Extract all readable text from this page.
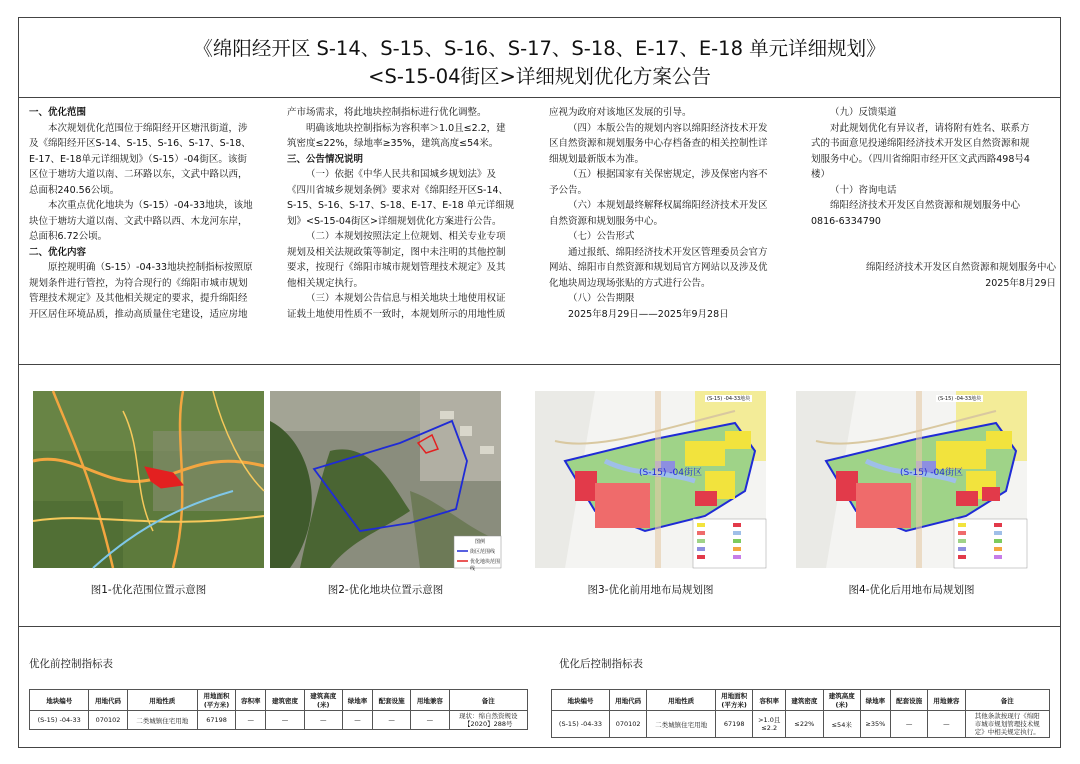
《绵阳经开区 S-14、S-15、S-16、S-17、S-18、E-17、E-18 单元详细规划》
<S-15-04街区>详细规划优化方案公告

一、优化范围

本次规划优化范围位于绵阳经开区塘汛街道，涉

及《绵阳经开区S-14、S-15、S-16、S-17、S-18、

E-17、E-18单元详细规划》（S-15）-04街区。该街

区位于塘坊大道以南、二环路以东，文武中路以西，

总面积240.56公顷。

本次重点优化地块为（S-15）-04-33地块，该地

块位于塘坊大道以南、文武中路以西、木龙河东岸，

总面积6.72公顷。

二、优化内容

原控规明确（S-15）-04-33地块控制指标按照原

规划条件进行管控，为符合现行的《绵阳市城市规划

管理技术规定》及其他相关规定的要求，提升绵阳经

开区居住环境品质，推动高质量住宅建设，适应房地

产市场需求，将此地块控制指标进行优化调整。

明确该地块控制指标为容积率＞1.0且≤2.2，建

筑密度≤22%，绿地率≥35%，建筑高度≤54米。

三、公告情况说明

（一）依据《中华人民共和国城乡规划法》及

《四川省城乡规划条例》要求对《绵阳经开区S-14、

S-15、S-16、S-17、S-18、E-17、E-18 单元详细规

划》<S-15-04街区>详细规划优化方案进行公告。

（二）本规划按照法定上位规划、相关专业专项

规划及相关法规政策等制定，图中未注明的其他控制

要求，按现行《绵阳市城市规划管理技术规定》及其

他相关规定执行。

（三）本规划公告信息与相关地块土地使用权证

证载土地使用性质不一致时，本规划所示的用地性质

应视为政府对该地区发展的引导。

（四）本版公告的规划内容以绵阳经济技术开发

区自然资源和规划服务中心存档备查的相关控制性详

细规划最新版本为准。

（五）根据国家有关保密规定，涉及保密内容不

予公告。

（六）本规划最终解释权属绵阳经济技术开发区

自然资源和规划服务中心。

（七）公告形式

通过报纸、绵阳经济技术开发区管理委员会官方

网站、绵阳市自然资源和规划局官方网站以及涉及优

化地块周边现场张贴的方式进行公告。

（八）公告期限

2025年8月29日——2025年9月28日

（九）反馈渠道

对此规划优化有异议者，请将附有姓名、联系方

式的书面意见投递绵阳经济技术开发区自然资源和规

划服务中心。（四川省绵阳市经开区文武西路498号4

楼）

（十）咨询电话

绵阳经济技术开发区自然资源和规划服务中心

0816-6334790

绵阳经济技术开发区自然资源和规划服务中心

2025年8月29日

图1-优化范围位置示意图
图例
街区范围线
优化地块范围线
图2-优化地块位置示意图
(S-15) -04-33地块
(S-15) -04街区
图3-优化前用地布局规划图
(S-15) -04-33地块
(S-15) -04街区
图4-优化后用地布局规划图
优化前控制指标表
地块编号	用地代码	用地性质	用地面积
(平方米)	容积率	建筑密度	建筑高度
(米)	绿地率	配套设施	用地兼容	备注
(S-15) -04-33	070102	二类城镇住宅用地	67198	—	—	—	—	—	—	现状：绵自然资规设
【2020】288号
优化后控制指标表
地块编号	用地代码	用地性质	用地面积
(平方米)	容积率	建筑密度	建筑高度
(米)	绿地率	配套设施	用地兼容	备注
(S-15) -04-33	070102	二类城镇住宅用地	67198	>1.0且
≤2.2	≤22%	≤54米	≥35%	—	—	其他条款按现行《绵阳
市城市规划管理技术规
定》中相关规定执行。
